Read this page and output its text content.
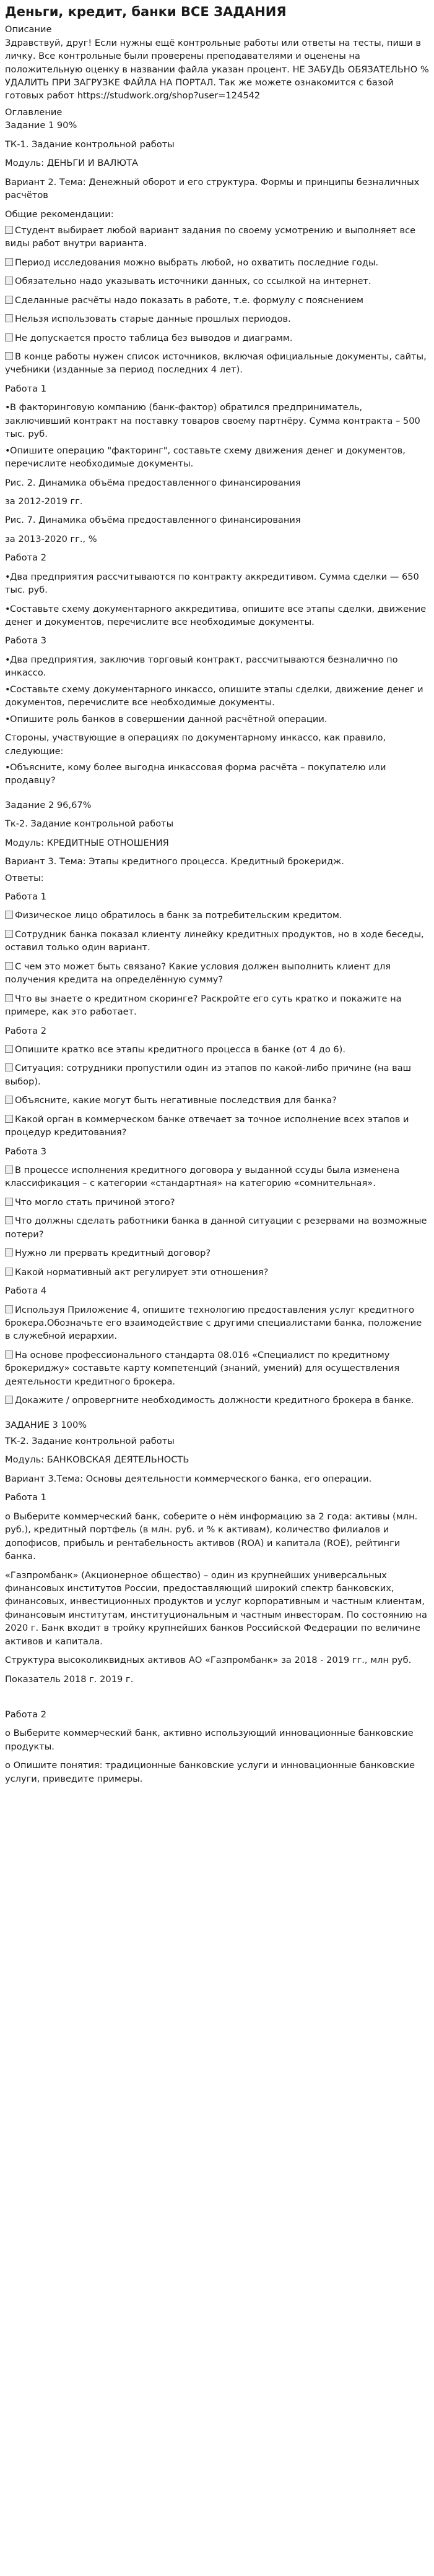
Деньги, кредит, банки ВСЕ ЗАДАНИЯ

Описание

Здравствуй, друг! Если нужны ещё контрольные работы или ответы на тесты, пиши в личку. Все контрольные были проверены преподавателями и оценены на положительную оценку в названии файла указан процент. НЕ ЗАБУДЬ ОБЯЗАТЕЛЬНО % УДАЛИТЬ ПРИ ЗАГРУЗКЕ ФАЙЛА НА ПОРТАЛ. Так же можете ознакомится с базой готовых работ https://studwork.org/shop?user=124542

Оглавление

Задание 1 90%

ТК-1. Задание контрольной работы

Модуль: ДЕНЬГИ И ВАЛЮТА

Вариант 2. Тема: Денежный оборот и его структура. Формы и принципы безналичных расчётов

Общие рекомендации:

Студент выбирает любой вариант задания по своему усмотрению и выполняет все виды работ внутри варианта.

Период исследования можно выбрать любой, но охватить последние годы.

Обязательно надо указывать источники данных, со ссылкой на интернет.

Сделанные расчёты надо показать в работе, т.е. формулу с пояснением

Нельзя использовать старые данные прошлых периодов.

Не допускается просто таблица без выводов и диаграмм.

В конце работы нужен список источников, включая официальные документы, сайты, учебники (изданные за период последних 4 лет).

Работа 1

•В факторинговую компанию (банк-фактор) обратился предприниматель, заключивший контракт на поставку товаров своему партнёру. Сумма контракта – 500 тыс. руб.

•Опишите операцию "факторинг", составьте схему движения денег и документов, перечислите необходимые документы.

Рис. 2. Динамика объёма предоставленного финансирования

за 2012-2019 гг.

Рис. 7. Динамика объёма предоставленного финансирования

за 2013-2020 гг., %

Работа 2

•Два предприятия рассчитываются по контракту аккредитивом. Сумма сделки — 650 тыс. руб.

•Составьте схему документарного аккредитива, опишите все этапы сделки, движение денег и документов, перечислите все необходимые документы.

Работа 3

•Два предприятия, заключив торговый контракт, рассчитываются безналично по инкассо.

•Составьте схему документарного инкассо, опишите этапы сделки, движение денег и документов, перечислите все необходимые документы.

•Опишите роль банков в совершении данной расчётной операции.

Стороны, участвующие в операциях по документарному инкассо, как правило, следующие:

•Объясните, кому более выгодна инкассовая форма расчёта – покупателю или продавцу?

Задание 2 96,67%

Тк-2. Задание контрольной работы

Модуль: КРЕДИТНЫЕ ОТНОШЕНИЯ

Вариант 3. Тема: Этапы кредитного процесса. Кредитный брокеридж.

Ответы:

Работа 1

Физическое лицо обратилось в банк за потребительским кредитом.

Сотрудник банка показал клиенту линейку кредитных продуктов, но в ходе беседы, оставил только один вариант.

С чем это может быть связано? Какие условия должен выполнить клиент для получения кредита на определённую сумму?

Что вы знаете о кредитном скоринге? Раскройте его суть кратко и покажите на примере, как это работает.

Работа 2

Опишите кратко все этапы кредитного процесса в банке (от 4 до 6).

Ситуация: сотрудники пропустили один из этапов по какой-либо причине (на ваш выбор).

Объясните, какие могут быть негативные последствия для банка?

Какой орган в коммерческом банке отвечает за точное исполнение всех этапов и процедур кредитования?

Работа 3

В процессе исполнения кредитного договора у выданной ссуды была изменена классификация – с категории «стандартная» на категорию «сомнительная».

Что могло стать причиной этого?

Что должны сделать работники банка в данной ситуации с резервами на возможные потери?

Нужно ли прервать кредитный договор?

Какой нормативный акт регулирует эти отношения?

Работа 4

Используя Приложение 4, опишите технологию предоставления услуг кредитного брокера.Обозначьте его взаимодействие с другими специалистами банка, положение в служебной иерархии.

На основе профессионального стандарта 08.016 «Специалист по кредитному брокериджу» составьте карту компетенций (знаний, умений) для осуществления деятельности кредитного брокера.

Докажите / опровергните необходимость должности кредитного брокера в банке.

ЗАДАНИЕ 3 100%

ТК-2. Задание контрольной работы

Модуль: БАНКОВСКАЯ ДЕЯТЕЛЬНОСТЬ

Вариант 3.Тема: Основы деятельности коммерческого банка, его операции.

Работа 1

о Выберите коммерческий банк, соберите о нём информацию за 2 года: активы (млн. руб.), кредитный портфель (в млн. руб. и % к активам), количество филиалов и допофисов, прибыль и рентабельность активов (ROA) и капитала (ROE), рейтинги банка.

«Газпромбанк» (Акционерное общество) – один из крупнейших универсальных финансовых институтов России, предоставляющий широкий спектр банковских, финансовых, инвестиционных продуктов и услуг корпоративным и частным клиентам, финансовым институтам, институциональным и частным инвесторам. По состоянию на 2020 г. Банк входит в тройку крупнейших банков Российской Федерации по величине активов и капитала.

Структура высоколиквидных активов АО «Газпромбанк» за 2018 - 2019 гг., млн руб.

Показатель 2018 г. 2019 г.

Работа 2

о Выберите коммерческий банк, активно использующий инновационные банковские продукты.

о Опишите понятия: традиционные банковские услуги и инновационные банковские услуги, приведите примеры.
